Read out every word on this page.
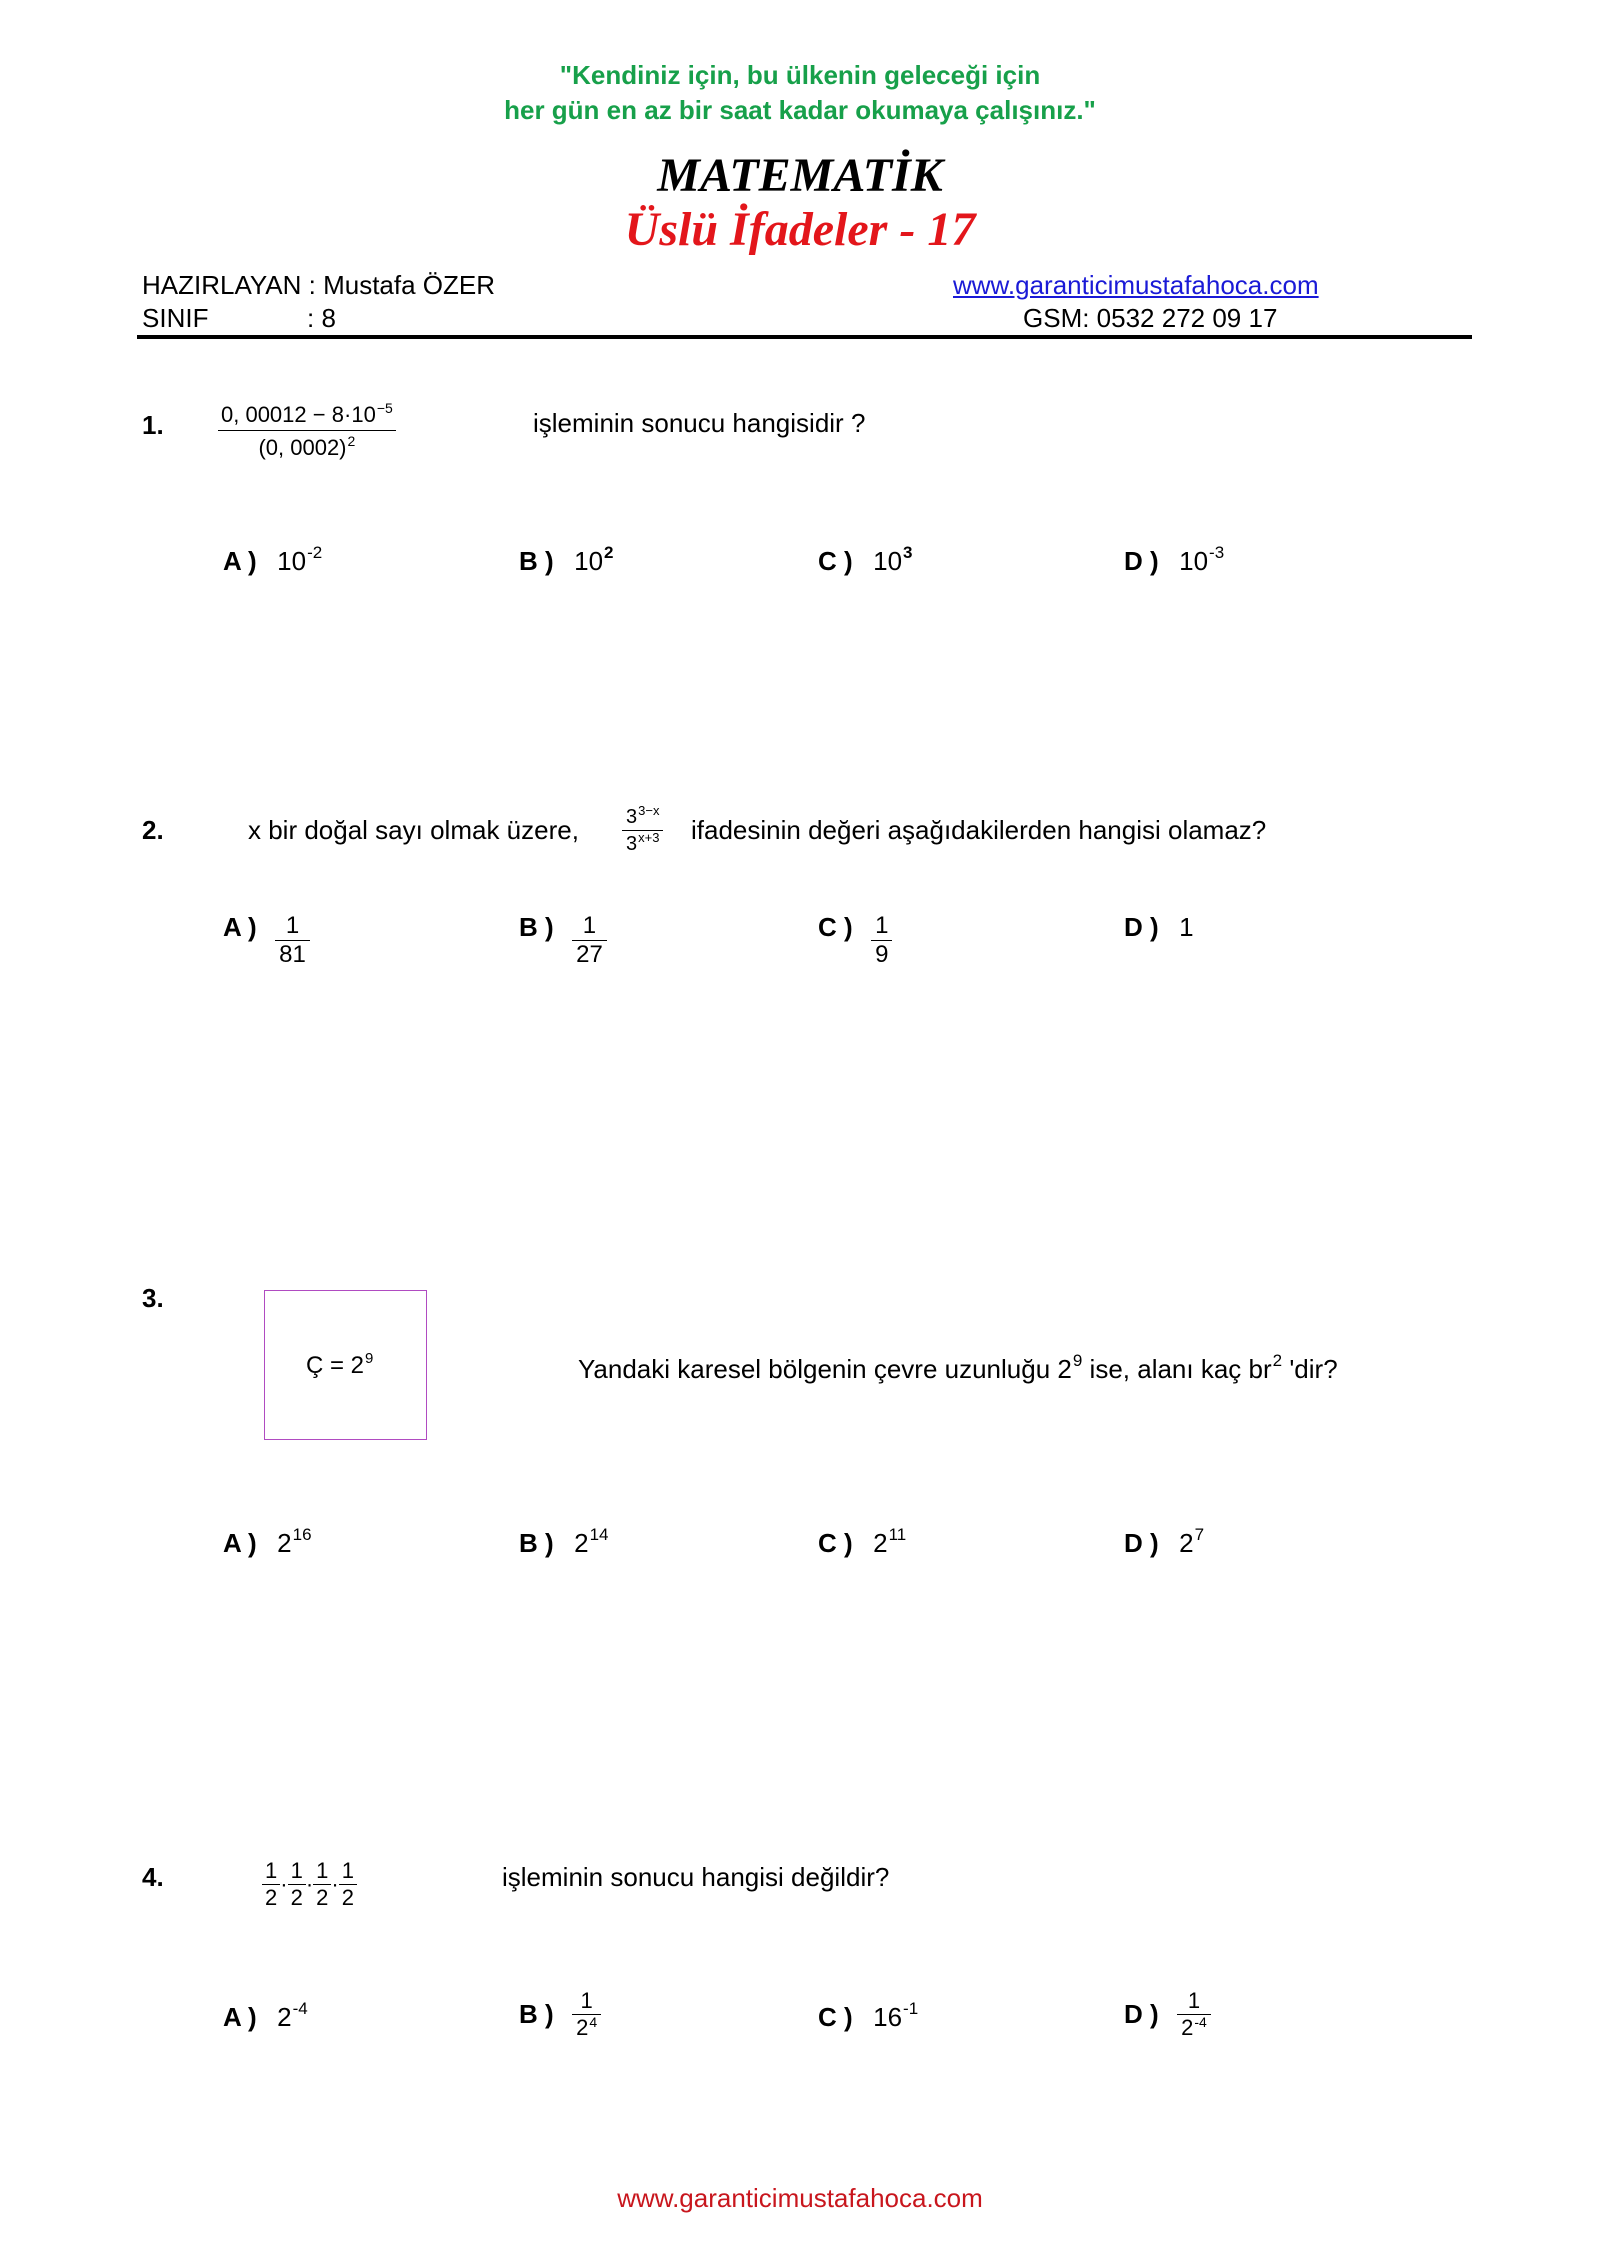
"Kendiniz için, bu ülkenin geleceği için
her gün en az bir saat kadar okumaya çalışınız."
MATEMATİK
Üslü İfadeler - 17
HAZIRLAYAN : Mustafa ÖZER
SINIF	: 8
www.garanticimustafahoca.com
GSM: 0532 272 09 17
1. $\frac{0, 00012 - 8\cdot 10^{-5}}{(0, 0002)^2}$	işleminin sonucu hangisidir ?
A ) 10-2	B ) 102	C ) 103	D ) 10-3
2.	x bir doğal sayı olmak üzere, $\frac{3^{3-x}}{3^{x+3}}$ ifadesinin değeri aşağıdakilerden hangisi olamaz?
A ) $\frac{1}{81}$	B ) $\frac{1}{27}$	C ) $\frac{1}{9}$	D ) 1
3.
Ç = $2^9$	Yandaki karesel bölgenin çevre uzunluğu $2^9$ ise, alanı kaç $br^2$ 'dir?
A ) 216	B ) 214	C ) 211	D ) 27
4.	$\frac{1}{2} \cdot \frac{1}{2} \cdot \frac{1}{2} \cdot \frac{1}{2}$	işleminin sonucu hangisi değildir?
A ) 2-4	B ) $\frac{1}{2^4}$	C ) 16-1	D ) $\frac{1}{2^{-4}}$
www.garanticimustafahoca.com
